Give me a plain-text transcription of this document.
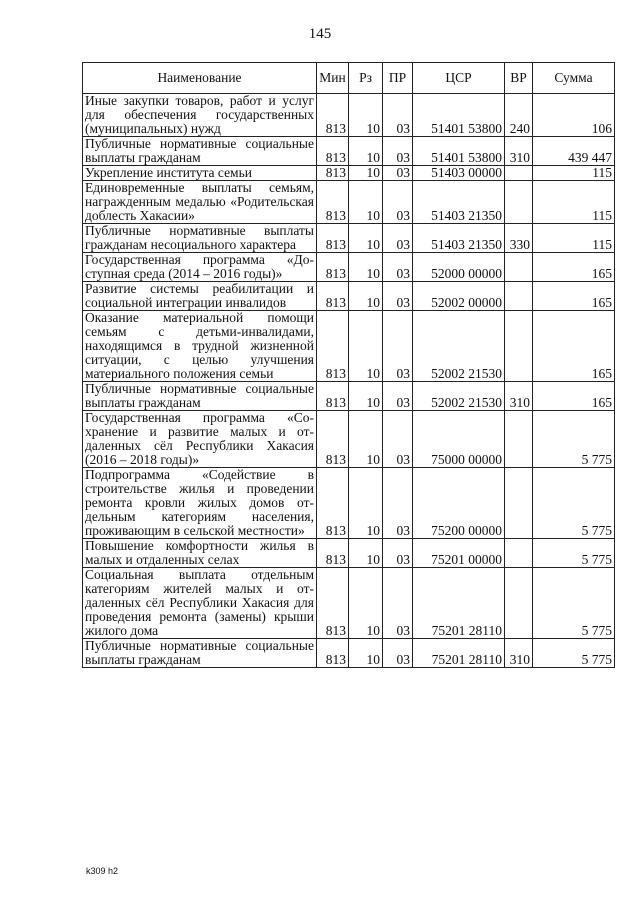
145
Наименование	Мин	Рз	ПР	ЦСР	ВР	Сумма
Иные закупки товаров, работ и услуг для обеспечения государственных (муниципальных) нужд	813	10	03	51401 53800	240	106
Публичные нормативные социальные выплаты гражданам	813	10	03	51401 53800	310	439 447
Укрепление института семьи	813	10	03	51403 00000		115
Единовременные выплаты семьям, награжденным медалью «Родительская доблесть Хакасии»	813	10	03	51403 21350		115
Публичные нормативные выплаты гражданам несоциального характера	813	10	03	51403 21350	330	115
Государственная программа «Доступная среда (2014 – 2016 годы)»	813	10	03	52000 00000		165
Развитие системы реабилитации и социальной интеграции инвалидов	813	10	03	52002 00000		165
Оказание материальной помощи семьям с детьми-инвалидами, находящимся в трудной жизненной ситуации, с целью улучшения материального положения семьи	813	10	03	52002 21530		165
Публичные нормативные социальные выплаты гражданам	813	10	03	52002 21530	310	165
Государственная программа «Сохранение и развитие малых и отдаленных сёл Республики Хакасия (2016 – 2018 годы)»	813	10	03	75000 00000		5 775
Подпрограмма «Содействие в строительстве жилья и проведении ремонта кровли жилых домов отдельным категориям населения, проживающим в сельской местности»	813	10	03	75200 00000		5 775
Повышение комфортности жилья в малых и отдаленных селах	813	10	03	75201 00000		5 775
Социальная выплата отдельным категориям жителей малых и отдаленных сёл Республики Хакасия для проведения ремонта (замены) крыши жилого дома	813	10	03	75201 28110		5 775
Публичные нормативные социальные выплаты гражданам	813	10	03	75201 28110	310	5 775
k309 h2
